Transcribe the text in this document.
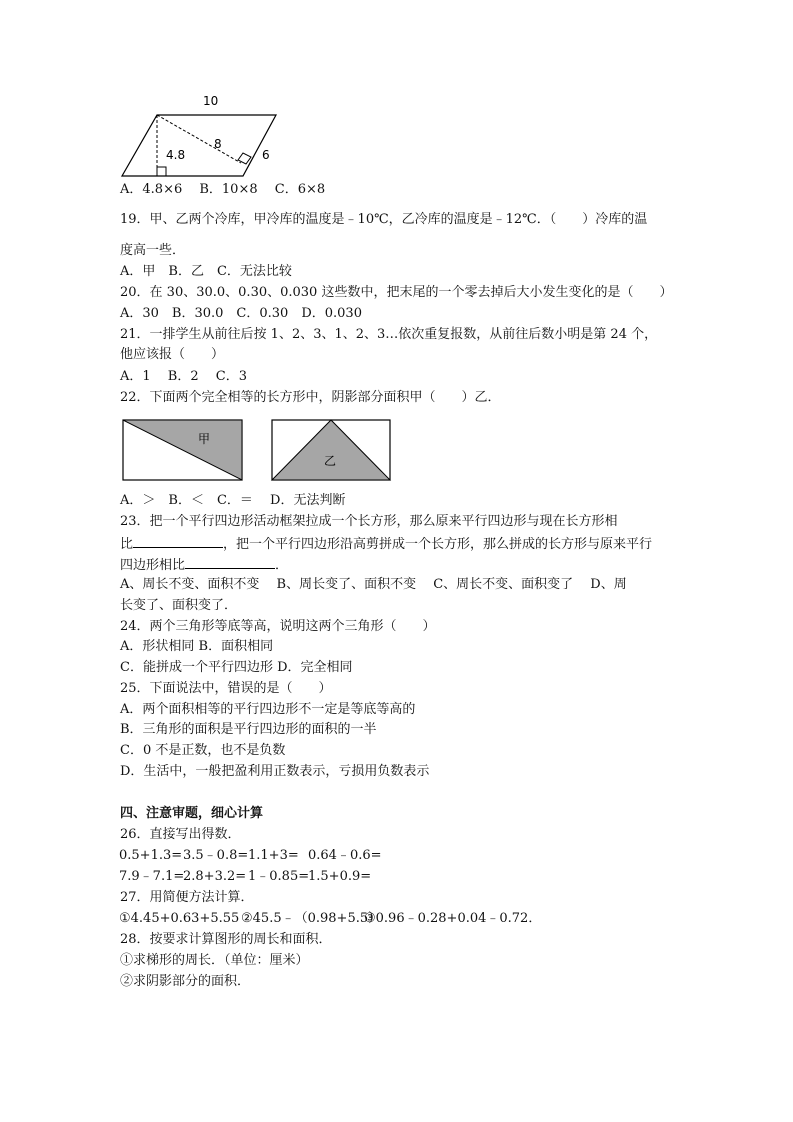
10
4.8
8
6
甲
乙
A．4.8×6　 B．10×8　 C．6×8
19．甲、乙两个冷库，甲冷库的温度是﹣10℃，乙冷库的温度是﹣12℃．（　　）冷库的温
度高一些．
A．甲　B．乙　C．无法比较
20．在 30、30.0、0.30、0.030 这些数中，把末尾的一个零去掉后大小发生变化的是（　　）
A．30　B．30.0　C．0.30　D．0.030
21．一排学生从前往后按 1、2、3、1、2、3…依次重复报数，从前往后数小明是第 24 个，
他应该报（　　）
A．1　 B．2　 C．3
22．下面两个完全相等的长方形中，阴影部分面积甲（　　）乙．
A．＞　B．＜　C．＝　 D．无法判断
23．把一个平行四边形活动框架拉成一个长方形，那么原来平行四边形与现在长方形相
比	，把一个平行四边形沿高剪拼成一个长方形，那么拼成的长方形与原来平行
四边形相比	．
A、周长不变、面积不变　 B、周长变了、面积不变　 C、周长不变、面积变了　 D、周
长变了、面积变了．
24．两个三角形等底等高，说明这两个三角形（　　）
A．形状相同 B．面积相同
C．能拼成一个平行四边形 D．完全相同
25．下面说法中，错误的是（　　）
A．两个面积相等的平行四边形不一定是等底等高的
B．三角形的面积是平行四边形的面积的一半
C．0 不是正数，也不是负数
D．生活中，一般把盈利用正数表示，亏损用负数表示
四、注意审题，细心计算
26．直接写出得数．
0.5+1.3= 3.5﹣0.8= 1.1+3= 0.64﹣0.6=
7.9﹣7.1=
2.8+3.2= 1﹣0.85=
1.5+0.9=
27．用简便方法计算．
①4.45+0.63+5.55 ②45.5﹣（0.98+5.5）
③0.96﹣0.28+0.04﹣0.72．
28．按要求计算图形的周长和面积．
①求梯形的周长．（单位：厘米）
②求阴影部分的面积．
